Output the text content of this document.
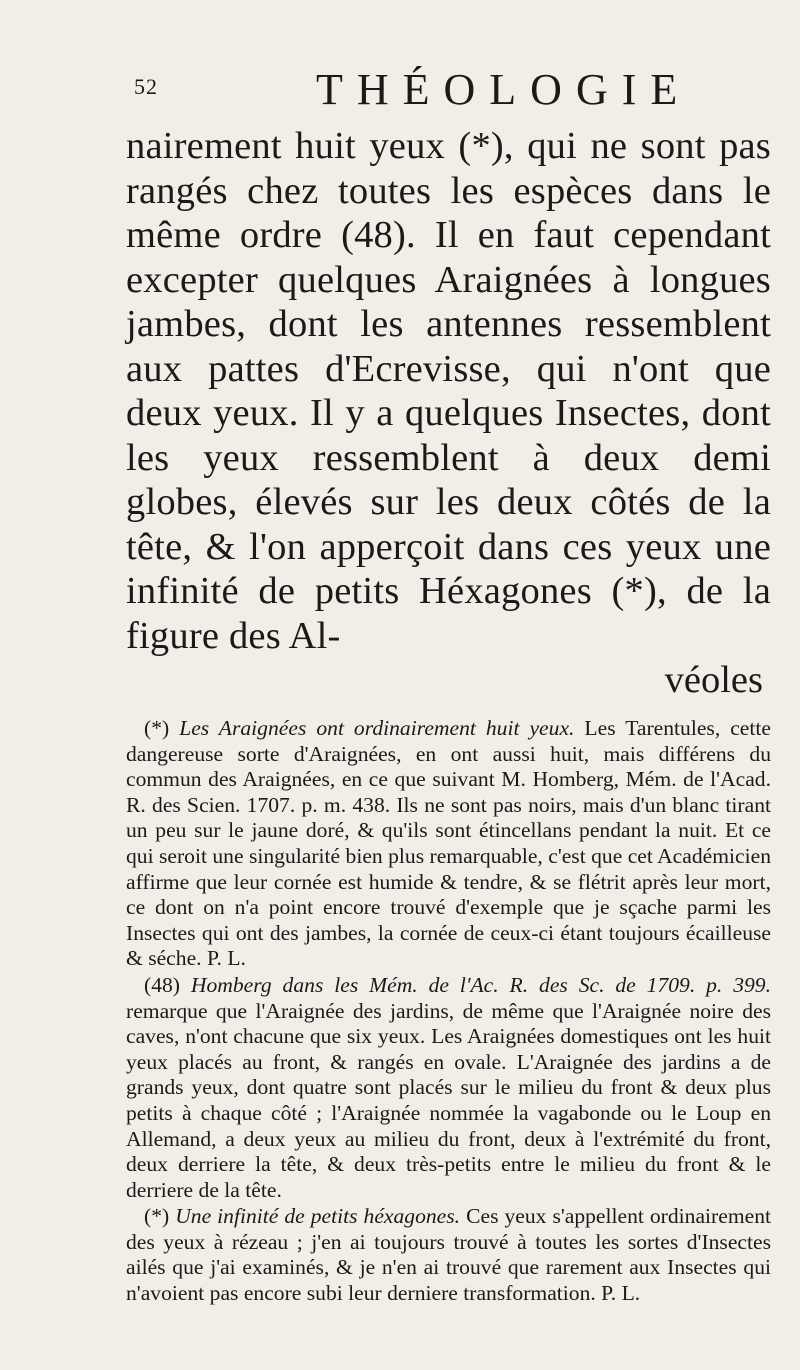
52	THÉOLOGIE

nairement huit yeux (*), qui ne sont pas rangés chez toutes les espèces dans le même ordre (48). Il en faut cependant excepter quelques Araignées à longues jambes, dont les antennes ressemblent aux pattes d'Ecrevisse, qui n'ont que deux yeux. Il y a quelques Insectes, dont les yeux ressemblent à deux demi globes, élevés sur les deux côtés de la tête, & l'on apperçoit dans ces yeux une infinité de petits Héxagones (*), de la figure des Al-

véoles

(*) Les Araignées ont ordinairement huit yeux. Les Tarentules, cette dangereuse sorte d'Araignées, en ont aussi huit, mais différens du commun des Araignées, en ce que suivant M. Homberg, Mém. de l'Acad. R. des Scien. 1707. p. m. 438. Ils ne sont pas noirs, mais d'un blanc tirant un peu sur le jaune doré, & qu'ils sont étincellans pendant la nuit. Et ce qui seroit une singularité bien plus remarquable, c'est que cet Académicien affirme que leur cornée est humide & tendre, & se flétrit après leur mort, ce dont on n'a point encore trouvé d'exemple que je sçache parmi les Insectes qui ont des jambes, la cornée de ceux-ci étant toujours écailleuse & séche. P. L.

(48) Homberg dans les Mém. de l'Ac. R. des Sc. de 1709. p. 399. remarque que l'Araignée des jardins, de même que l'Araignée noire des caves, n'ont chacune que six yeux. Les Araignées domestiques ont les huit yeux placés au front, & rangés en ovale. L'Araignée des jardins a de grands yeux, dont quatre sont placés sur le milieu du front & deux plus petits à chaque côté ; l'Araignée nommée la vagabonde ou le Loup en Allemand, a deux yeux au milieu du front, deux à l'extrémité du front, deux derriere la tête, & deux très-petits entre le milieu du front & le derriere de la tête.

(*) Une infinité de petits héxagones. Ces yeux s'appellent ordinairement des yeux à rézeau ; j'en ai toujours trouvé à toutes les sortes d'Insectes ailés que j'ai examinés, & je n'en ai trouvé que rarement aux Insectes qui n'avoient pas encore subi leur derniere transformation. P. L.
